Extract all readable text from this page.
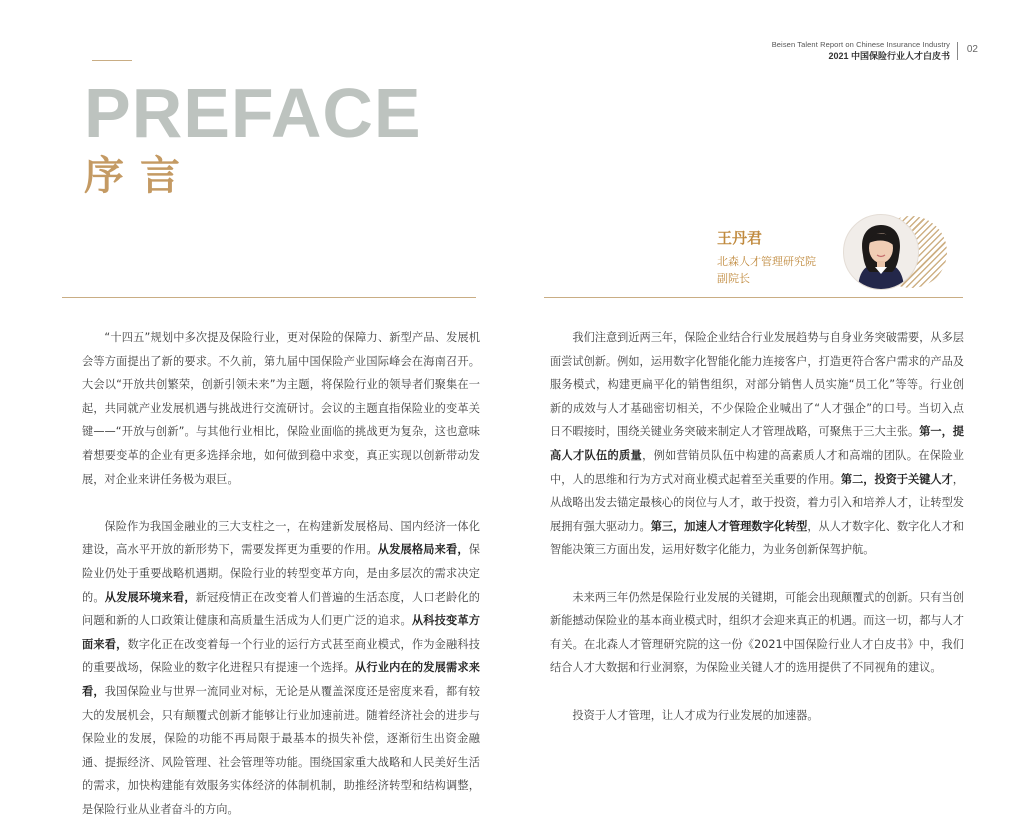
Beisen Talent Report on Chinese Insurance Industry
2021 中国保险行业人才白皮书
02
PREFACE
序言
王丹君
北森人才管理研究院
副院长

“十四五”规划中多次提及保险行业，更对保险的保障力、新型产品、发展机会等方面提出了新的要求。不久前，第九届中国保险产业国际峰会在海南召开。大会以“开放共创繁荣，创新引领未来”为主题，将保险行业的领导者们聚集在一起，共同就产业发展机遇与挑战进行交流研讨。会议的主题直指保险业的变革关键——“开放与创新”。与其他行业相比，保险业面临的挑战更为复杂，这也意味着想要变革的企业有更多选择余地，如何做到稳中求变，真正实现以创新带动发展，对企业来讲任务极为艰巨。

保险作为我国金融业的三大支柱之一，在构建新发展格局、国内经济一体化建设，高水平开放的新形势下，需要发挥更为重要的作用。从发展格局来看，保险业仍处于重要战略机遇期。保险行业的转型变革方向，是由多层次的需求决定的。从发展环境来看，新冠疫情正在改变着人们普遍的生活态度，人口老龄化的问题和新的人口政策让健康和高质量生活成为人们更广泛的追求。从科技变革方面来看，数字化正在改变着每一个行业的运行方式甚至商业模式，作为金融科技的重要战场，保险业的数字化进程只有提速一个选择。从行业内在的发展需求来看，我国保险业与世界一流同业对标，无论是从覆盖深度还是密度来看，都有较大的发展机会，只有颠覆式创新才能够让行业加速前进。随着经济社会的进步与保险业的发展，保险的功能不再局限于最基本的损失补偿，逐渐衍生出资金融通、提振经济、风险管理、社会管理等功能。围绕国家重大战略和人民美好生活的需求，加快构建能有效服务实体经济的体制机制，助推经济转型和结构调整，是保险行业从业者奋斗的方向。

我们注意到近两三年，保险企业结合行业发展趋势与自身业务突破需要，从多层面尝试创新。例如，运用数字化智能化能力连接客户，打造更符合客户需求的产品及服务模式，构建更扁平化的销售组织，对部分销售人员实施“员工化”等等。行业创新的成效与人才基础密切相关，不少保险企业喊出了“人才强企”的口号。当切入点日不暇接时，围绕关键业务突破来制定人才管理战略，可聚焦于三大主张。第一，提高人才队伍的质量，例如营销员队伍中构建的高素质人才和高端的团队。在保险业中，人的思维和行为方式对商业模式起着至关重要的作用。第二，投资于关键人才，从战略出发去锚定最核心的岗位与人才，敢于投资，着力引入和培养人才，让转型发展拥有强大驱动力。第三，加速人才管理数字化转型，从人才数字化、数字化人才和智能决策三方面出发，运用好数字化能力，为业务创新保驾护航。

未来两三年仍然是保险行业发展的关键期，可能会出现颠覆式的创新。只有当创新能撼动保险业的基本商业模式时，组织才会迎来真正的机遇。而这一切，都与人才有关。在北森人才管理研究院的这一份《2021中国保险行业人才白皮书》中，我们结合人才大数据和行业洞察，为保险业关键人才的选用提供了不同视角的建议。

投资于人才管理，让人才成为行业发展的加速器。
